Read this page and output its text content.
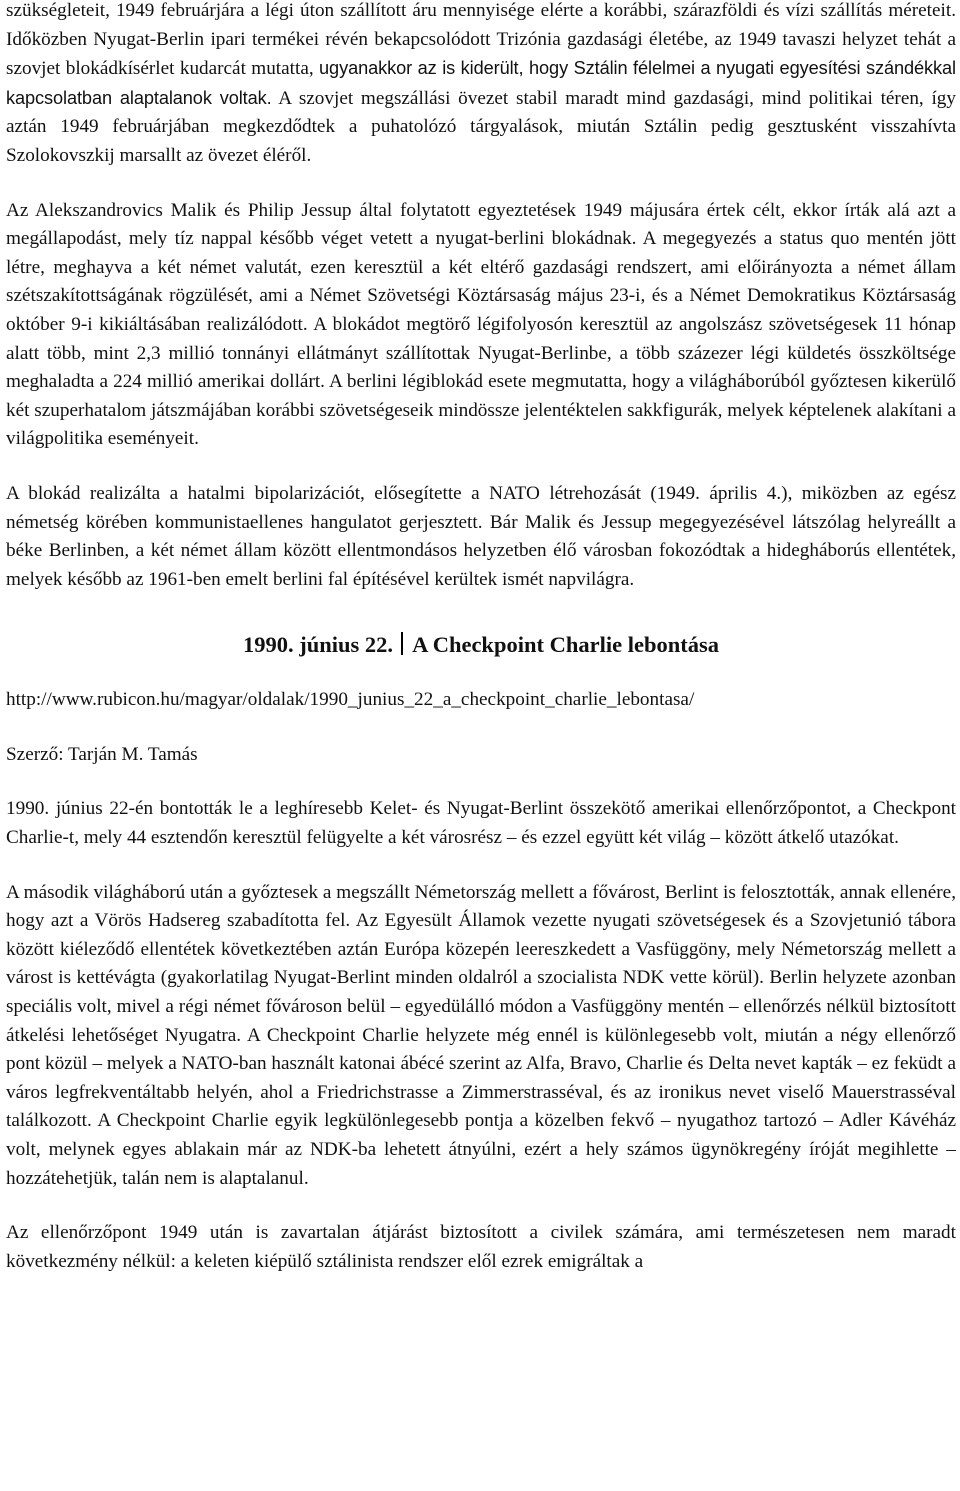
szükségleteit, 1949 februárjára a légi úton szállított áru mennyisége elérte a korábbi, szárazföldi és vízi szállítás méreteit. Időközben Nyugat-Berlin ipari termékei révén bekapcsolódott Trizónia gazdasági életébe, az 1949 tavaszi helyzet tehát a szovjet blokádkísérlet kudarcát mutatta, ugyanakkor az is kiderült, hogy Sztálin félelmei a nyugati egyesítési szándékkal kapcsolatban alaptalanok voltak. A szovjet megszállási övezet stabil maradt mind gazdasági, mind politikai téren, így aztán 1949 februárjában megkezdődtek a puhatolózó tárgyalások, miután Sztálin pedig gesztusként visszahívta Szolokovszkij marsallt az övezet éléről.

Az Alekszandrovics Malik és Philip Jessup által folytatott egyeztetések 1949 májusára értek célt, ekkor írták alá azt a megállapodást, mely tíz nappal később véget vetett a nyugat-berlini blokádnak. A megegyezés a status quo mentén jött létre, meghayva a két német valutát, ezen keresztül a két eltérő gazdasági rendszert, ami előirányozta a német állam szétszakítottságának rögzülését, ami a Német Szövetségi Köztársaság május 23-i, és a Német Demokratikus Köztársaság október 9-i kikiáltásában realizálódott. A blokádot megtörő légifolyosón keresztül az angolszász szövetségesek 11 hónap alatt több, mint 2,3 millió tonnányi ellátmányt szállítottak Nyugat-Berlinbe, a több százezer légi küldetés összköltsége meghaladta a 224 millió amerikai dollárt. A berlini légiblokád esete megmutatta, hogy a világháborúból győztesen kikerülő két szuperhatalom játszmájában korábbi szövetségeseik mindössze jelentéktelen sakkfigurák, melyek képtelenek alakítani a világpolitika eseményeit.

A blokád realizálta a hatalmi bipolarizációt, elősegítette a NATO létrehozását (1949. április 4.), miközben az egész németség körében kommunistaellenes hangulatot gerjesztett. Bár Malik és Jessup megegyezésével látszólag helyreállt a béke Berlinben, a két német állam között ellentmondásos helyzetben élő városban fokozódtak a hidegháborús ellentétek, melyek később az 1961-ben emelt berlini fal építésével kerültek ismét napvilágra.

1990. június 22. A Checkpoint Charlie lebontása

http://www.rubicon.hu/magyar/oldalak/1990_junius_22_a_checkpoint_charlie_lebontasa/

Szerző: Tarján M. Tamás

1990. június 22-én bontották le a leghíresebb Kelet- és Nyugat-Berlint összekötő amerikai ellenőrzőpontot, a Checkpont Charlie-t, mely 44 esztendőn keresztül felügyelte a két városrész – és ezzel együtt két világ – között átkelő utazókat.

A második világháború után a győztesek a megszállt Németország mellett a fővárost, Berlint is felosztották, annak ellenére, hogy azt a Vörös Hadsereg szabadította fel. Az Egyesült Államok vezette nyugati szövetségesek és a Szovjetunió tábora között kiéleződő ellentétek következtében aztán Európa közepén leereszkedett a Vasfüggöny, mely Németország mellett a várost is kettévágta (gyakorlatilag Nyugat-Berlint minden oldalról a szocialista NDK vette körül). Berlin helyzete azonban speciális volt, mivel a régi német fővároson belül – egyedülálló módon a Vasfüggöny mentén – ellenőrzés nélkül biztosított átkelési lehetőséget Nyugatra. A Checkpoint Charlie helyzete még ennél is különlegesebb volt, miután a négy ellenőrző pont közül – melyek a NATO-ban használt katonai ábécé szerint az Alfa, Bravo, Charlie és Delta nevet kapták – ez feküdt a város legfrekventáltabb helyén, ahol a Friedrichstrasse a Zimmerstrasséval, és az ironikus nevet viselő Mauerstrasséval találkozott. A Checkpoint Charlie egyik legkülönlegesebb pontja a közelben fekvő – nyugathoz tartozó – Adler Kávéház volt, melynek egyes ablakain már az NDK-ba lehetett átnyúlni, ezért a hely számos ügynökregény íróját megihlette – hozzátehetjük, talán nem is alaptalanul.

Az ellenőrzőpont 1949 után is zavartalan átjárást biztosított a civilek számára, ami természetesen nem maradt következmény nélkül: a keleten kiépülő sztálinista rendszer elől ezrek emigráltak a
